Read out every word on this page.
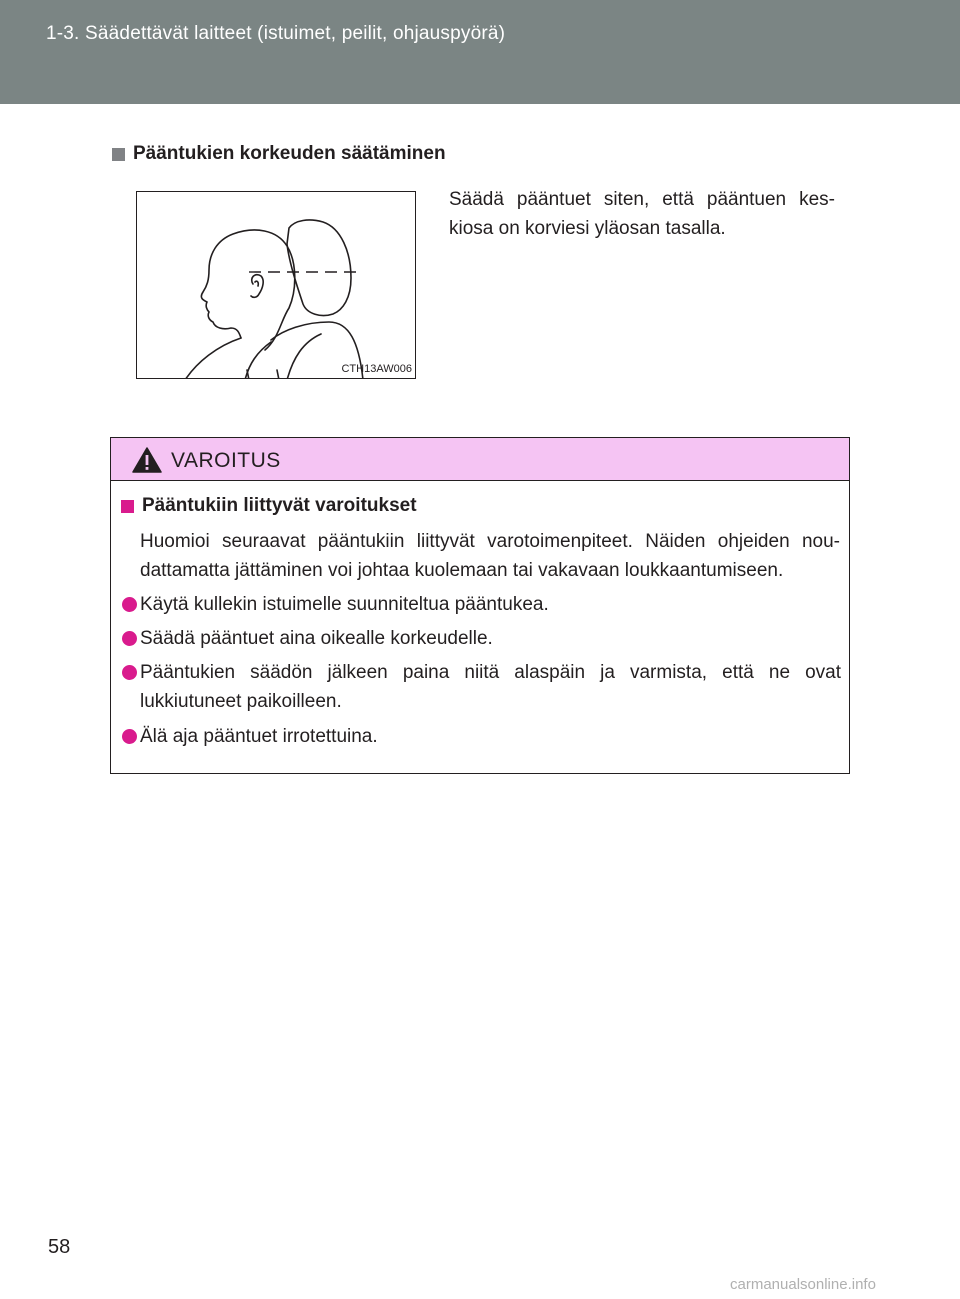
1-3. Säädettävät laitteet (istuimet, peilit, ohjauspyörä)
Pääntukien korkeuden säätäminen
CTH13AW006
Säädä pääntuet siten, että pääntuen kes- kiosa on korviesi yläosan tasalla.
VAROITUS
Pääntukiin liittyvät varoitukset
Huomioi seuraavat pääntukiin liittyvät varotoimenpiteet. Näiden ohjeiden nou- dattamatta jättäminen voi johtaa kuolemaan tai vakavaan loukkaantumiseen.
Käytä kullekin istuimelle suunniteltua pääntukea.
Säädä pääntuet aina oikealle korkeudelle.
Pääntukien säädön jälkeen paina niitä alaspäin ja varmista, että ne ovat lukkiutuneet paikoilleen.
Älä aja pääntuet irrotettuina.
58
carmanualsonline.info
